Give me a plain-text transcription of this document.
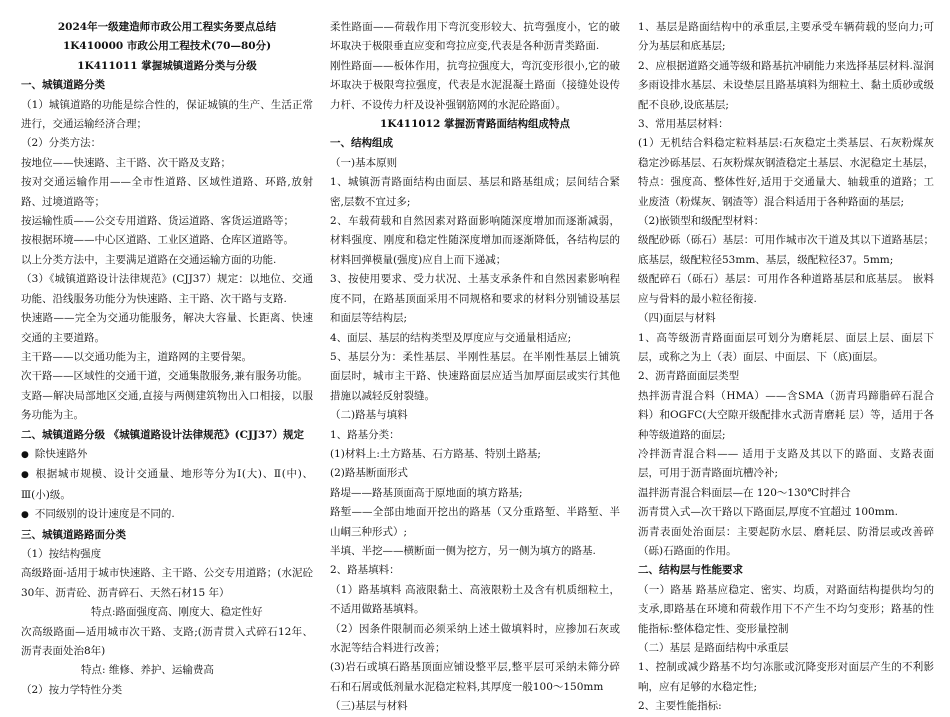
2024年一级建造师市政公用工程实务要点总结

1K410000 市政公用工程技术(70—80分)

1K411011 掌握城镇道路分类与分级

一、城镇道路分类

（1）城镇道路的功能是综合性的，保证城镇的生产、生活正常进行，交通运输经济合理；

（2）分类方法：

按地位——快速路、主干路、次干路及支路；

按对交通运输作用——全市性道路、区域性道路、环路,放射路、过境道路等；

按运输性质——公交专用道路、货运道路、客货运道路等；

按根据环境——中心区道路、工业区道路、仓库区道路等。

以上分类方法中，主要满足道路在交通运输方面的功能.

（3）《城镇道路设计法律规范》(CJJ37）规定：以地位、交通功能、沿线服务功能分为快速路、主干路、次干路与支路.

快速路——完全为交通功能服务，解决大容量、长距离、快速交通的主要道路。

主干路——以交通功能为主，道路网的主要骨架。

次干路——区域性的交通干道，交通集散服务,兼有服务功能。

支路—解决局部地区交通,直接与两侧建筑物出入口相接，以服务功能为主。

二、城镇道路分级 《城镇道路设计法律规范》(CJJ37）规定

● 除快速路外

● 根据城市规模、设计交通量、地形等分为Ⅰ(大)、Ⅱ(中)、Ⅲ(小)级。

● 不同级别的设计速度是不同的.

三、城镇道路路面分类

（1）按结构强度

高级路面-适用于城市快速路、主干路、公交专用道路；(水泥砼30年、沥青砼、沥青碎石、天然石材15 年）

特点:路面强度高、刚度大、稳定性好

次高级路面—适用城市次干路、支路;(沥青贯入式碎石12年、沥青表面处治8年)

特点: 维修、养护、运输费高

（2）按力学特性分类

柔性路面——荷载作用下弯沉变形较大、抗弯强度小，它的破坏取决于极限垂直应变和弯拉应变,代表是各种沥青类路面.

刚性路面——板体作用，抗弯拉强度大，弯沉变形很小,它的破坏取决于极限弯拉强度，代表是水泥混凝土路面（接缝处设传力杆、不设传力杆及设补强钢筋网的水泥砼路面）。

1K411012 掌握沥青路面结构组成特点

一、结构组成

（一)基本原则

1、城镇沥青路面结构由面层、基层和路基组成；层间结合紧密,层数不宜过多;

2、车载荷载和自然因素对路面影响随深度增加而逐渐减弱，材料强度、刚度和稳定性随深度增加而逐渐降低，各结构层的材料回弹模量(强度)应自上而下递减；

3、按使用要求、受力状况、土基支承条件和自然因素影响程度不同，在路基顶面采用不同规格和要求的材料分别铺设基层和面层等结构层;

4、面层、基层的结构类型及厚度应与交通量相适应;

5、基层分为：柔性基层、半刚性基层。在半刚性基层上铺筑面层时，城市主干路、快速路面层应适当加厚面层或实行其他措施以减轻反射裂缝。

（二)路基与填料

1、路基分类：

(1)材料上:土方路基、石方路基、特别土路基;

(2)路基断面形式

路堤——路基顶面高于原地面的填方路基;

路堑——全部由地面开挖出的路基（又分重路堑、半路堑、半山峒三种形式）;

半填、半挖——横断面一侧为挖方，另一侧为填方的路基.

2、路基填料：

（1）路基填料 高液限黏土、高液限粉土及含有机质细粒土，不适用做路基填料。

（2）因条件限制而必须采纳上述土做填料时，应掺加石灰或水泥等结合料进行改善；

(3)岩石或填石路基顶面应铺设整平层,整平层可采纳未筛分碎石和石屑或低剂量水泥稳定粒料,其厚度一般100～150mm

（三)基层与材料

1、基层是路面结构中的承重层,主要承受车辆荷载的竖向力;可分为基层和底基层;

2、应根据道路交通等级和路基抗冲刷能力来选择基层材料.湿润多雨设排水基层、未设垫层且路基填料为细粒土、黏土质砂或级配不良砂,设底基层;

3、常用基层材料：

(1）无机结合料稳定粒料基层:石灰稳定土类基层、石灰粉煤灰稳定沙砾基层、石灰粉煤灰钢渣稳定土基层、水泥稳定土基层，特点：强度高、整体性好,适用于交通量大、轴载重的道路；工业废渣（粉煤灰、钢渣等）混合料适用于各种路面的基层;

（2)嵌锁型和级配型材料：

级配砂砾（砾石）基层：可用作城市次干道及其以下道路基层；底基层，级配粒径53mm、基层，级配粒径37。5mm;

级配碎石（砾石）基层：可用作各种道路基层和底基层。 嵌料应与骨料的最小粒径衔接.

（四)面层与材料

1、高等级沥青路面面层可划分为磨耗层、面层上层、面层下层，或称之为上（表）面层、中面层、下（底)面层。

2、沥青路面面层类型

热拌沥青混合料（HMA）——含SMA（沥青玛蹄脂碎石混合料）和OGFC(大空隙开级配排水式沥青磨耗 层）等，适用于各种等级道路的面层;

冷拌沥青混合料—— 适用于支路及其以下的路面、支路表面层，可用于沥青路面坑槽冷补;

温拌沥青混合料面层—在 120～130℃时拌合

沥青贯入式—次干路以下路面层,厚度不宜超过 100mm.

沥青表面处治面层：主要起防水层、磨耗层、防滑层或改善碎（砾)石路面的作用。

二、结构层与性能要求

（一）路基 路基应稳定、密实、均质，对路面结构提供均匀的支承,即路基在环境和荷载作用下不产生不均匀变形；路基的性能指标:整体稳定性、变形量控制

（二）基层 是路面结构中承重层

1、控制或减少路基不均匀冻胀或沉降变形对面层产生的不利影响，应有足够的水稳定性;

2、主要性能指标:
